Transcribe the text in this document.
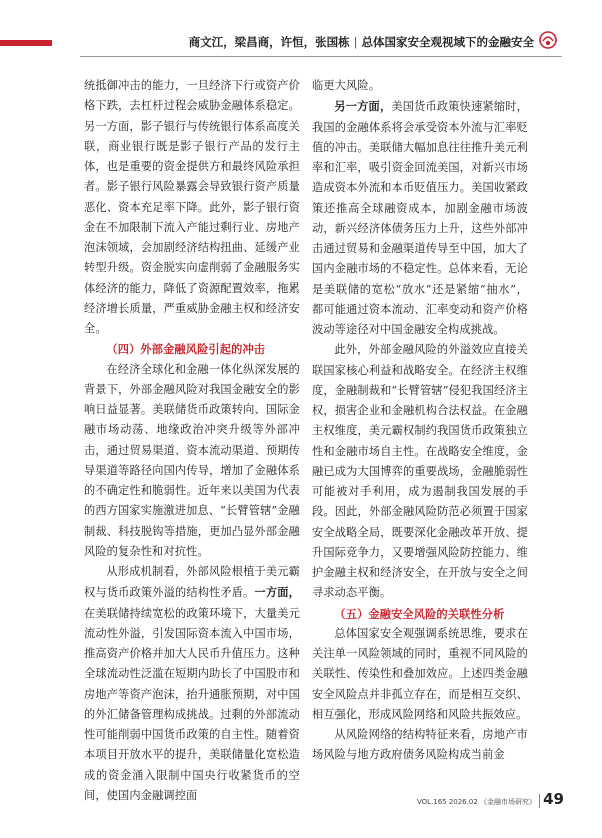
商文江，梁昌商，许恒，张国栋 | 总体国家安全观视域下的金融安全

统抵御冲击的能力，一旦经济下行或资产价格下跌，去杠杆过程会威胁金融体系稳定。另一方面，影子银行与传统银行体系高度关联，商业银行既是影子银行产品的发行主体，也是重要的资金提供方和最终风险承担者。影子银行风险暴露会导致银行资产质量恶化、资本充足率下降。此外，影子银行资金在不加限制下流入产能过剩行业、房地产泡沫领域，会加剧经济结构扭曲、延缓产业转型升级。资金脱实向虚削弱了金融服务实体经济的能力，降低了资源配置效率，拖累经济增长质量，严重威胁金融主权和经济安全。

（四）外部金融风险引起的冲击

在经济全球化和金融一体化纵深发展的背景下，外部金融风险对我国金融安全的影响日益显著。美联储货币政策转向、国际金融市场动荡、地缘政治冲突升级等外部冲击，通过贸易渠道、资本流动渠道、预期传导渠道等路径向国内传导，增加了金融体系的不确定性和脆弱性。近年来以美国为代表的西方国家实施激进加息、“长臂管辖”金融制裁、科技脱钩等措施，更加凸显外部金融风险的复杂性和对抗性。

从形成机制看，外部风险根植于美元霸权与货币政策外溢的结构性矛盾。一方面，在美联储持续宽松的政策环境下，大量美元流动性外溢，引发国际资本流入中国市场，推高资产价格并加大人民币升值压力。这种全球流动性泛滥在短期内助长了中国股市和房地产等资产泡沫，抬升通胀预期，对中国的外汇储备管理构成挑战。过剩的外部流动性可能削弱中国货币政策的自主性。随着资本项目开放水平的提升，美联储量化宽松造成的资金涌入限制中国央行收紧货币的空间，使国内金融调控面

临更大风险。

另一方面，美国货币政策快速紧缩时，我国的金融体系将会承受资本外流与汇率贬值的冲击。美联储大幅加息往往推升美元利率和汇率，吸引资金回流美国，对新兴市场造成资本外流和本币贬值压力。美国收紧政策还推高全球融资成本，加剧金融市场波动，新兴经济体债务压力上升，这些外部冲击通过贸易和金融渠道传导至中国，加大了国内金融市场的不稳定性。总体来看，无论是美联储的宽松“放水”还是紧缩“抽水”，都可能通过资本流动、汇率变动和资产价格波动等途径对中国金融安全构成挑战。

此外，外部金融风险的外溢效应直接关联国家核心利益和战略安全。在经济主权维度，金融制裁和“长臂管辖”侵犯我国经济主权，损害企业和金融机构合法权益。在金融主权维度，美元霸权制约我国货币政策独立性和金融市场自主性。在战略安全维度，金融已成为大国博弈的重要战场，金融脆弱性可能被对手利用，成为遏制我国发展的手段。因此，外部金融风险防范必须置于国家安全战略全局，既要深化金融改革开放、提升国际竞争力，又要增强风险防控能力、维护金融主权和经济安全，在开放与安全之间寻求动态平衡。

（五）金融安全风险的关联性分析

总体国家安全观强调系统思维，要求在关注单一风险领域的同时，重视不同风险的关联性、传染性和叠加效应。上述四类金融安全风险点并非孤立存在，而是相互交织、相互强化，形成风险网络和风险共振效应。

从风险网络的结构特征来看，房地产市场风险与地方政府债务风险构成当前金

VOL.165 2026.02 《金融市场研究》 49
